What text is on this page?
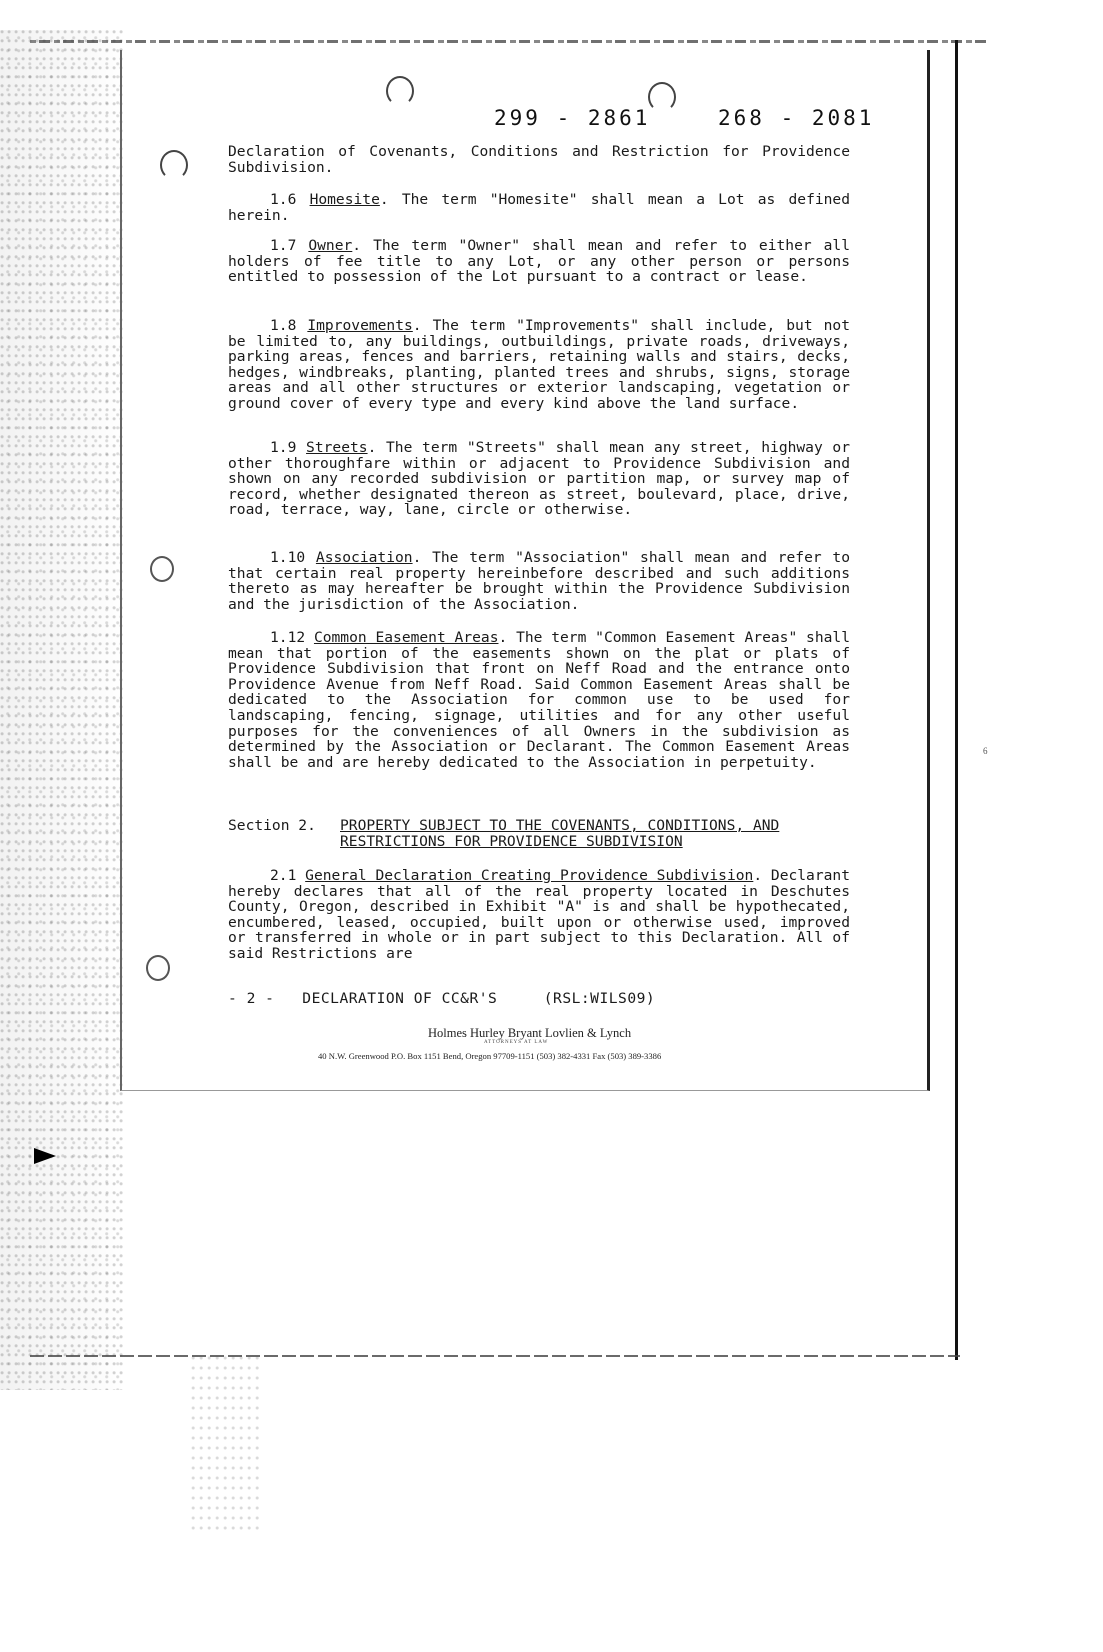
6
299 - 2861	268 - 2081

Declaration of Covenants, Conditions and Restriction for Providence Subdivision.

1.6 Homesite. The term "Homesite" shall mean a Lot as defined herein.

1.7 Owner. The term "Owner" shall mean and refer to either all holders of fee title to any Lot, or any other person or persons entitled to possession of the Lot pursuant to a contract or lease.

1.8 Improvements. The term "Improvements" shall include, but not be limited to, any buildings, outbuildings, private roads, driveways, parking areas, fences and barriers, retaining walls and stairs, decks, hedges, windbreaks, planting, planted trees and shrubs, signs, storage areas and all other structures or exterior landscaping, vegetation or ground cover of every type and every kind above the land surface.

1.9 Streets. The term "Streets" shall mean any street, highway or other thoroughfare within or adjacent to Providence Subdivision and shown on any recorded subdivision or partition map, or survey map of record, whether designated thereon as street, boulevard, place, drive, road, terrace, way, lane, circle or otherwise.

1.10 Association. The term "Association" shall mean and refer to that certain real property hereinbefore described and such additions thereto as may hereafter be brought within the Providence Subdivision and the jurisdiction of the Association.

1.12 Common Easement Areas. The term "Common Easement Areas" shall mean that portion of the easements shown on the plat or plats of Providence Subdivision that front on Neff Road and the entrance onto Providence Avenue from Neff Road. Said Common Easement Areas shall be dedicated to the Association for common use to be used for landscaping, fencing, signage, utilities and for any other useful purposes for the conveniences of all Owners in the subdivision as determined by the Association or Declarant. The Common Easement Areas shall be and are hereby dedicated to the Association in perpetuity.

Section 2. PROPERTY SUBJECT TO THE COVENANTS, CONDITIONS, AND
RESTRICTIONS FOR PROVIDENCE SUBDIVISION

2.1 General Declaration Creating Providence Subdivision. Declarant hereby declares that all of the real property located in Deschutes County, Oregon, described in Exhibit "A" is and shall be hypothecated, encumbered, leased, occupied, built upon or otherwise used, improved or transferred in whole or in part subject to this Declaration. All of said Restrictions are

- 2 - DECLARATION OF CC&R'S	(RSL:WILS09)
Holmes Hurley Bryant Lovlien & Lynch
ATTORNEYS AT LAW
40 N.W. Greenwood P.O. Box 1151 Bend, Oregon 97709-1151 (503) 382-4331 Fax (503) 389-3386
